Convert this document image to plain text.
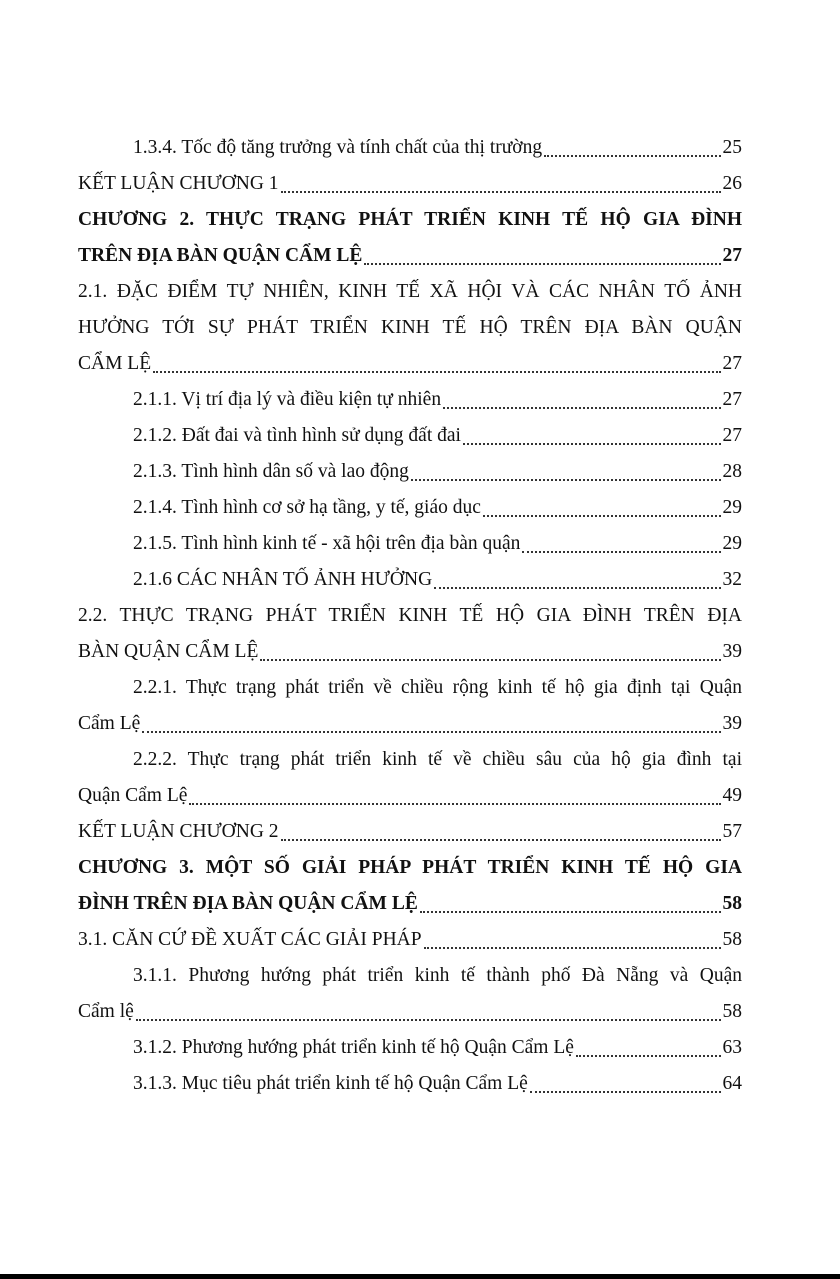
1.3.4. Tốc độ tăng trưởng và tính chất của thị trường	25
KẾT LUẬN CHƯƠNG 1	26
CHƯƠNG 2. THỰC TRẠNG PHÁT TRIỂN KINH TẾ HỘ GIA ĐÌNH
TRÊN ĐỊA BÀN QUẬN CẨM LỆ	27
2.1. ĐẶC ĐIỂM TỰ NHIÊN, KINH TẾ XÃ HỘI VÀ CÁC NHÂN TỐ ẢNH
HƯỞNG TỚI SỰ PHÁT TRIỂN KINH TẾ HỘ TRÊN ĐỊA BÀN QUẬN
CẨM LỆ	27
2.1.1. Vị trí địa lý và điều kiện tự nhiên	27
2.1.2. Đất đai và tình hình sử dụng đất đai	27
2.1.3. Tình hình dân số và lao động	28
2.1.4. Tình hình cơ sở hạ tầng, y tế, giáo dục	29
2.1.5. Tình hình kinh tế - xã hội trên địa bàn quận	29
2.1.6 CÁC NHÂN TỐ ẢNH HƯỞNG	32
2.2. THỰC TRẠNG PHÁT TRIỂN KINH TẾ HỘ GIA ĐÌNH TRÊN ĐỊA
BÀN QUẬN CẨM LỆ	39
2.2.1. Thực trạng phát triển về chiều rộng kinh tế hộ gia định tại Quận
Cẩm Lệ	39
2.2.2. Thực trạng phát triển kinh tế về chiều sâu của hộ gia đình tại
Quận Cẩm Lệ	49
KẾT LUẬN CHƯƠNG 2	57
CHƯƠNG 3. MỘT SỐ GIẢI PHÁP PHÁT TRIỂN KINH TẾ HỘ GIA
ĐÌNH TRÊN ĐỊA BÀN QUẬN CẨM LỆ	58
3.1. CĂN CỨ ĐỀ XUẤT CÁC GIẢI PHÁP	58
3.1.1. Phương hướng phát triển kinh tế thành phố Đà Nẵng và Quận
Cẩm lệ	58
3.1.2. Phương hướng phát triển kinh tế hộ Quận Cẩm Lệ	63
3.1.3. Mục tiêu phát triển kinh tế hộ Quận Cẩm Lệ	64
